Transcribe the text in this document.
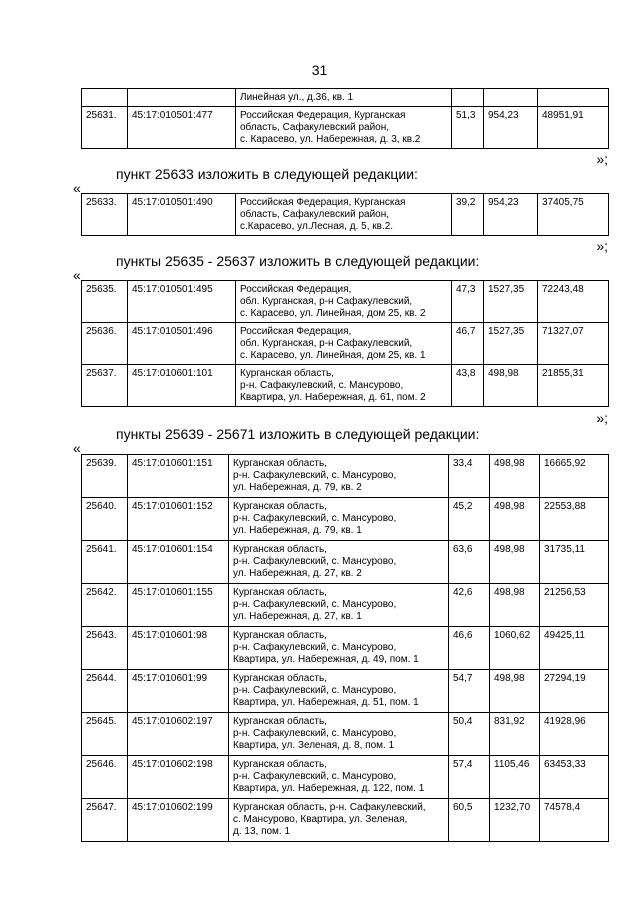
31

		Линейная ул., д.36, кв. 1			

25631.	45:17:010501:477	Российская Федерация, Курганская
область, Сафакулевский район,
с. Карасево, ул. Набережная, д. 3, кв.2	51,3	954,23	48951,91
»;
пункт 25633 изложить в следующей редакции:
«
25633.	45:17:010501:490	Российская Федерация, Курганская
область, Сафакулевский район,
с.Карасево, ул.Лесная, д. 5, кв.2.
	39,2	954,23	37405,75
»;
пункты 25635 - 25637 изложить в следующей редакции:
«
25635.	45:17:010501:495	Российская Федерация,
обл. Курганская, р-н Сафакулевский,
с. Карасево, ул. Линейная, дом 25, кв. 2	47,3	1527,35	72243,48
25636.	45:17:010501:496	Российская Федерация,
обл. Курганская, р-н Сафакулевский,
с. Карасево, ул. Линейная, дом 25, кв. 1	46,7	1527,35	71327,07
25637.	45:17:010601:101	Курганская область,
р-н. Сафакулевский, с. Мансурово,
Квартира, ул. Набережная, д. 61, пом. 2	43,8	498,98	21855,31
»;
пункты 25639 - 25671 изложить в следующей редакции:
«
25639.	45:17:010601:151	Курганская область,
р-н. Сафакулевский, с. Мансурово,
ул. Набережная, д. 79, кв. 2	33,4	498,98	16665,92
25640.	45:17:010601:152	Курганская область,
р-н. Сафакулевский, с. Мансурово,
ул. Набережная, д. 79, кв. 1	45,2	498,98	22553,88
25641.	45:17:010601:154	Курганская область,
р-н. Сафакулевский, с. Мансурово,
ул. Набережная, д. 27, кв. 2	63,6	498,98	31735,11
25642.	45:17:010601:155	Курганская область,
р-н. Сафакулевский, с. Мансурово,
ул. Набережная, д. 27, кв. 1	42,6	498,98	21256,53
25643.	45:17:010601:98	Курганская область,
р-н. Сафакулевский, с. Мансурово,
Квартира, ул. Набережная, д. 49, пом. 1	46,6	1060,62	49425,11
25644.	45:17:010601:99	Курганская область,
р-н. Сафакулевский, с. Мансурово,
Квартира, ул. Набережная, д. 51, пом. 1	54,7	498,98	27294,19
25645.	45:17:010602:197	Курганская область,
р-н. Сафакулевский, с. Мансурово,
Квартира, ул. Зеленая, д. 8, пом. 1	50,4	831,92	41928,96
25646.	45:17:010602:198	Курганская область,
р-н. Сафакулевский, с. Мансурово,
Квартира, ул. Набережная, д. 122, пом. 1	57,4	1105,46	63453,33
25647.	45:17:010602:199	Курганская область, р-н. Сафакулевский,
с. Мансурово, Квартира, ул. Зеленая,
д. 13, пом. 1	60,5	1232,70	74578,4
